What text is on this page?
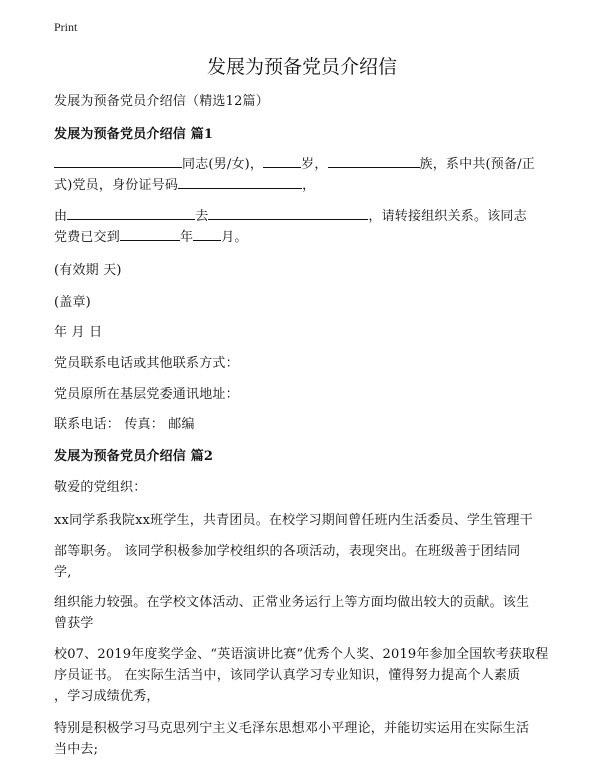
Print
发展为预备党员介绍信

发展为预备党员介绍信（精选12篇）

发展为预备党员介绍信 篇1

同志(男/女)，	岁，	族，系中共(预备/正

式)党员，身份证号码	，

由	去	，请转接组织关系。该同志

党费已交到	年 月。

(有效期 天)

(盖章)

年 月 日

党员联系电话或其他联系方式：

党员原所在基层党委通讯地址：

联系电话： 传真： 邮编

发展为预备党员介绍信 篇2

敬爱的党组织：

xx同学系我院xx班学生，共青团员。在校学习期间曾任班内生活委员、学生管理干

部等职务。 该同学积极参加学校组织的各项活动，表现突出。在班级善于团结同

学,

组织能力较强。在学校文体活动、正常业务运行上等方面均做出较大的贡献。该生

曾获学

校07、2019年度奖学金、“英语演讲比赛”优秀个人奖、2019年参加全国软考获取程

序员证书。 在实际生活当中，该同学认真学习专业知识，懂得努力提高个人素质

，学习成绩优秀，

特别是积极学习马克思列宁主义毛泽东思想邓小平理论，并能切实运用在实际生活

当中去;
